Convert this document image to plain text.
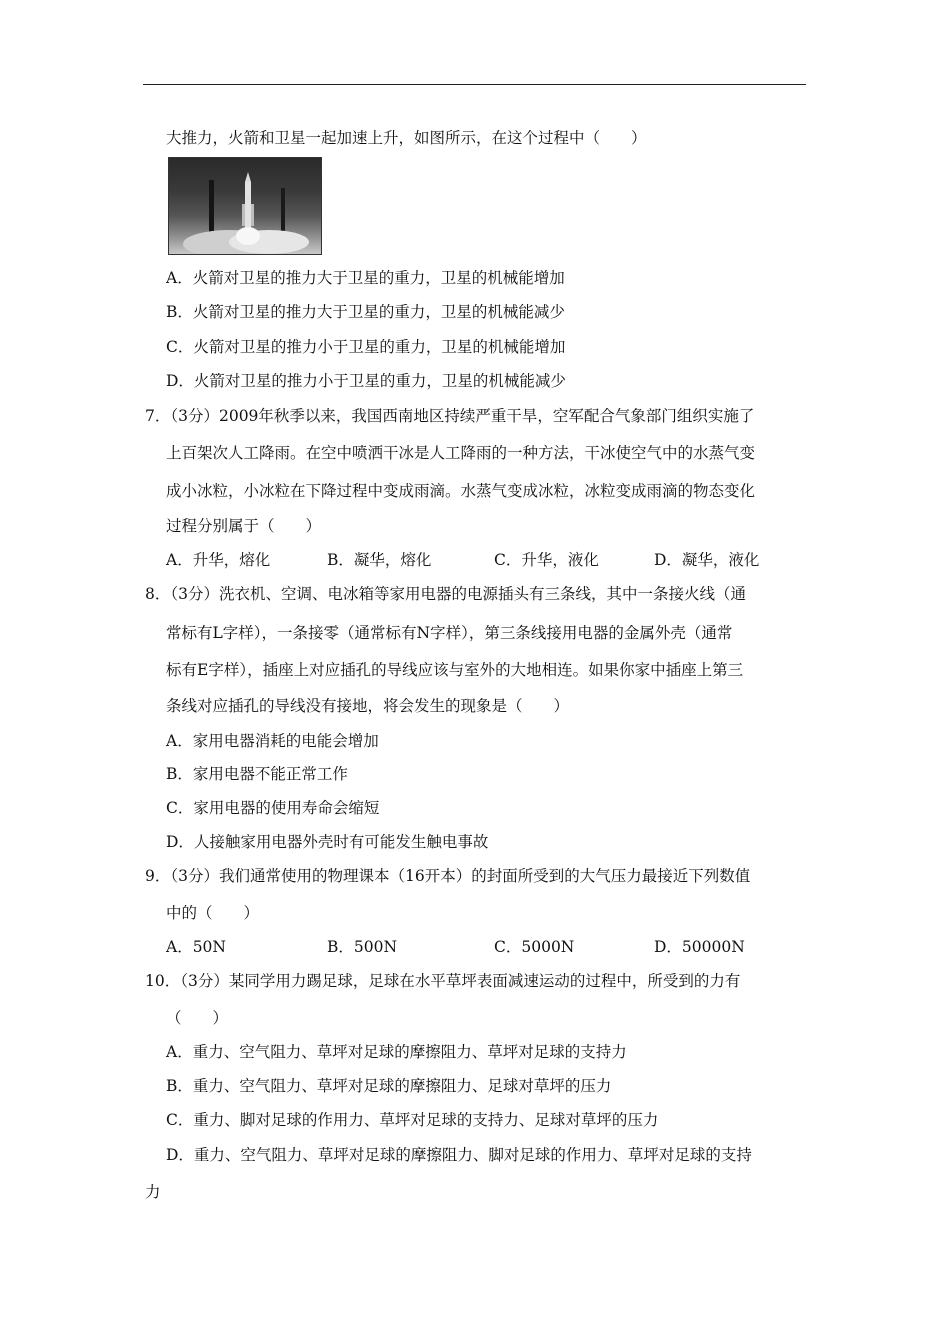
大推力，火箭和卫星一起加速上升，如图所示，在这个过程中（　　）
A．火箭对卫星的推力大于卫星的重力，卫星的机械能增加
B．火箭对卫星的推力大于卫星的重力，卫星的机械能减少
C．火箭对卫星的推力小于卫星的重力，卫星的机械能增加
D．火箭对卫星的推力小于卫星的重力，卫星的机械能减少
7．（3分）2009年秋季以来，我国西南地区持续严重干旱，空军配合气象部门组织实施了
上百架次人工降雨。在空中喷洒干冰是人工降雨的一种方法，干冰使空气中的水蒸气变
成小冰粒，小冰粒在下降过程中变成雨滴。水蒸气变成冰粒，冰粒变成雨滴的物态变化
过程分别属于（　　）
A．升华，熔化	B．凝华，熔化	C．升华，液化	D．凝华，液化
8．（3分）洗衣机、空调、电冰箱等家用电器的电源插头有三条线，其中一条接火线（通
常标有L字样），一条接零（通常标有N字样），第三条线接用电器的金属外壳（通常
标有E字样），插座上对应插孔的导线应该与室外的大地相连。如果你家中插座上第三
条线对应插孔的导线没有接地，将会发生的现象是（　　）
A．家用电器消耗的电能会增加
B．家用电器不能正常工作
C．家用电器的使用寿命会缩短
D．人接触家用电器外壳时有可能发生触电事故
9．（3分）我们通常使用的物理课本（16开本）的封面所受到的大气压力最接近下列数值
中的（　　）
A．50N	B．500N	C．5000N	D．50000N
10．（3分）某同学用力踢足球，足球在水平草坪表面减速运动的过程中，所受到的力有
（　　）
A．重力、空气阻力、草坪对足球的摩擦阻力、草坪对足球的支持力
B．重力、空气阻力、草坪对足球的摩擦阻力、足球对草坪的压力
C．重力、脚对足球的作用力、草坪对足球的支持力、足球对草坪的压力
D．重力、空气阻力、草坪对足球的摩擦阻力、脚对足球的作用力、草坪对足球的支持
力
